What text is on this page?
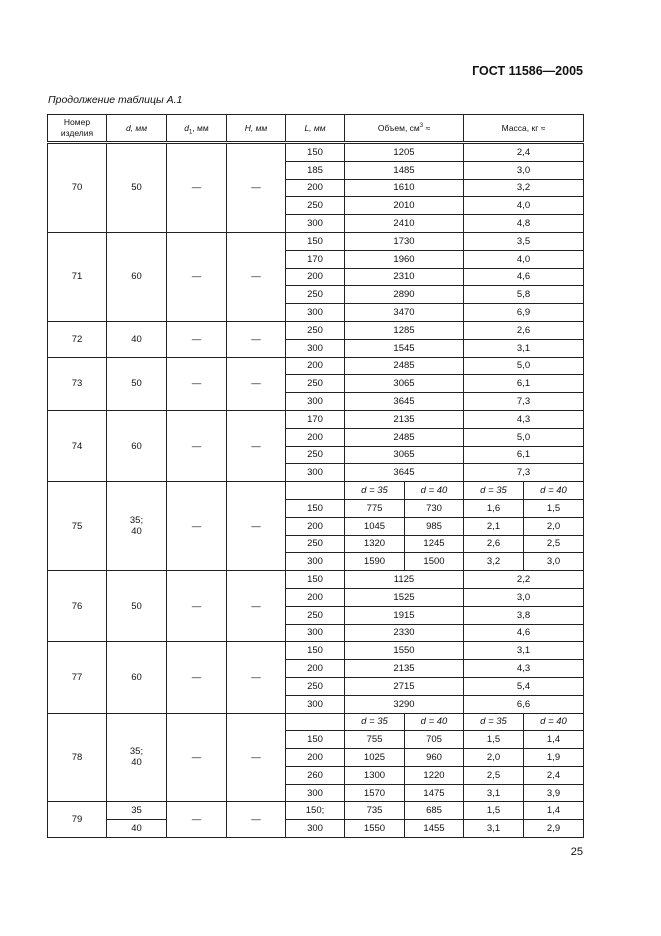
ГОСТ 11586—2005
Продолжение таблицы А.1
Номер изделия	d, мм	$d_1$, мм	H, мм	L, мм	Объем, $см^3$ ≈		Масса, кг ≈	
70	50	—	—	150	1205		2,4	
				185	1485		3,0	
				200	1610		3,2	
				250	2010		4,0	
				300	2410		4,8	
71	60	—	—	150	1730		3,5	
				170	1960		4,0	
				200	2310		4,6	
				250	2890		5,8	
				300	3470		6,9	
72	40	—	—	250	1285		2,6	
				300	1545		3,1	
73	50	—	—	200	2485		5,0	
				250	3065		6,1	
				300	3645		7,3	
74	60	—	—	170	2135		4,3	
				200	2485		5,0	
				250	3065		6,1	
				300	3645		7,3	
75	35;
40	—	—		d = 35	d = 40	d = 35	d = 40
				150	775	730	1,6	1,5
				200	1045	985	2,1	2,0
				250	1320	1245	2,6	2,5
				300	1590	1500	3,2	3,0
76	50	—	—	150	1125		2,2	
				200	1525		3,0	
				250	1915		3,8	
				300	2330		4,6	
77	60	—	—	150	1550		3,1	
				200	2135		4,3	
				250	2715		5,4	
				300	3290		6,6	
78	35;
40	—	—		d = 35	d = 40	d = 35	d = 40
				150	755	705	1,5	1,4
				200	1025	960	2,0	1,9
				260	1300	1220	2,5	2,4
				300	1570	1475	3,1	3,9
79	35	—	—	150;	735	685	1,5	1,4
	40			300	1550	1455	3,1	2,9
25
